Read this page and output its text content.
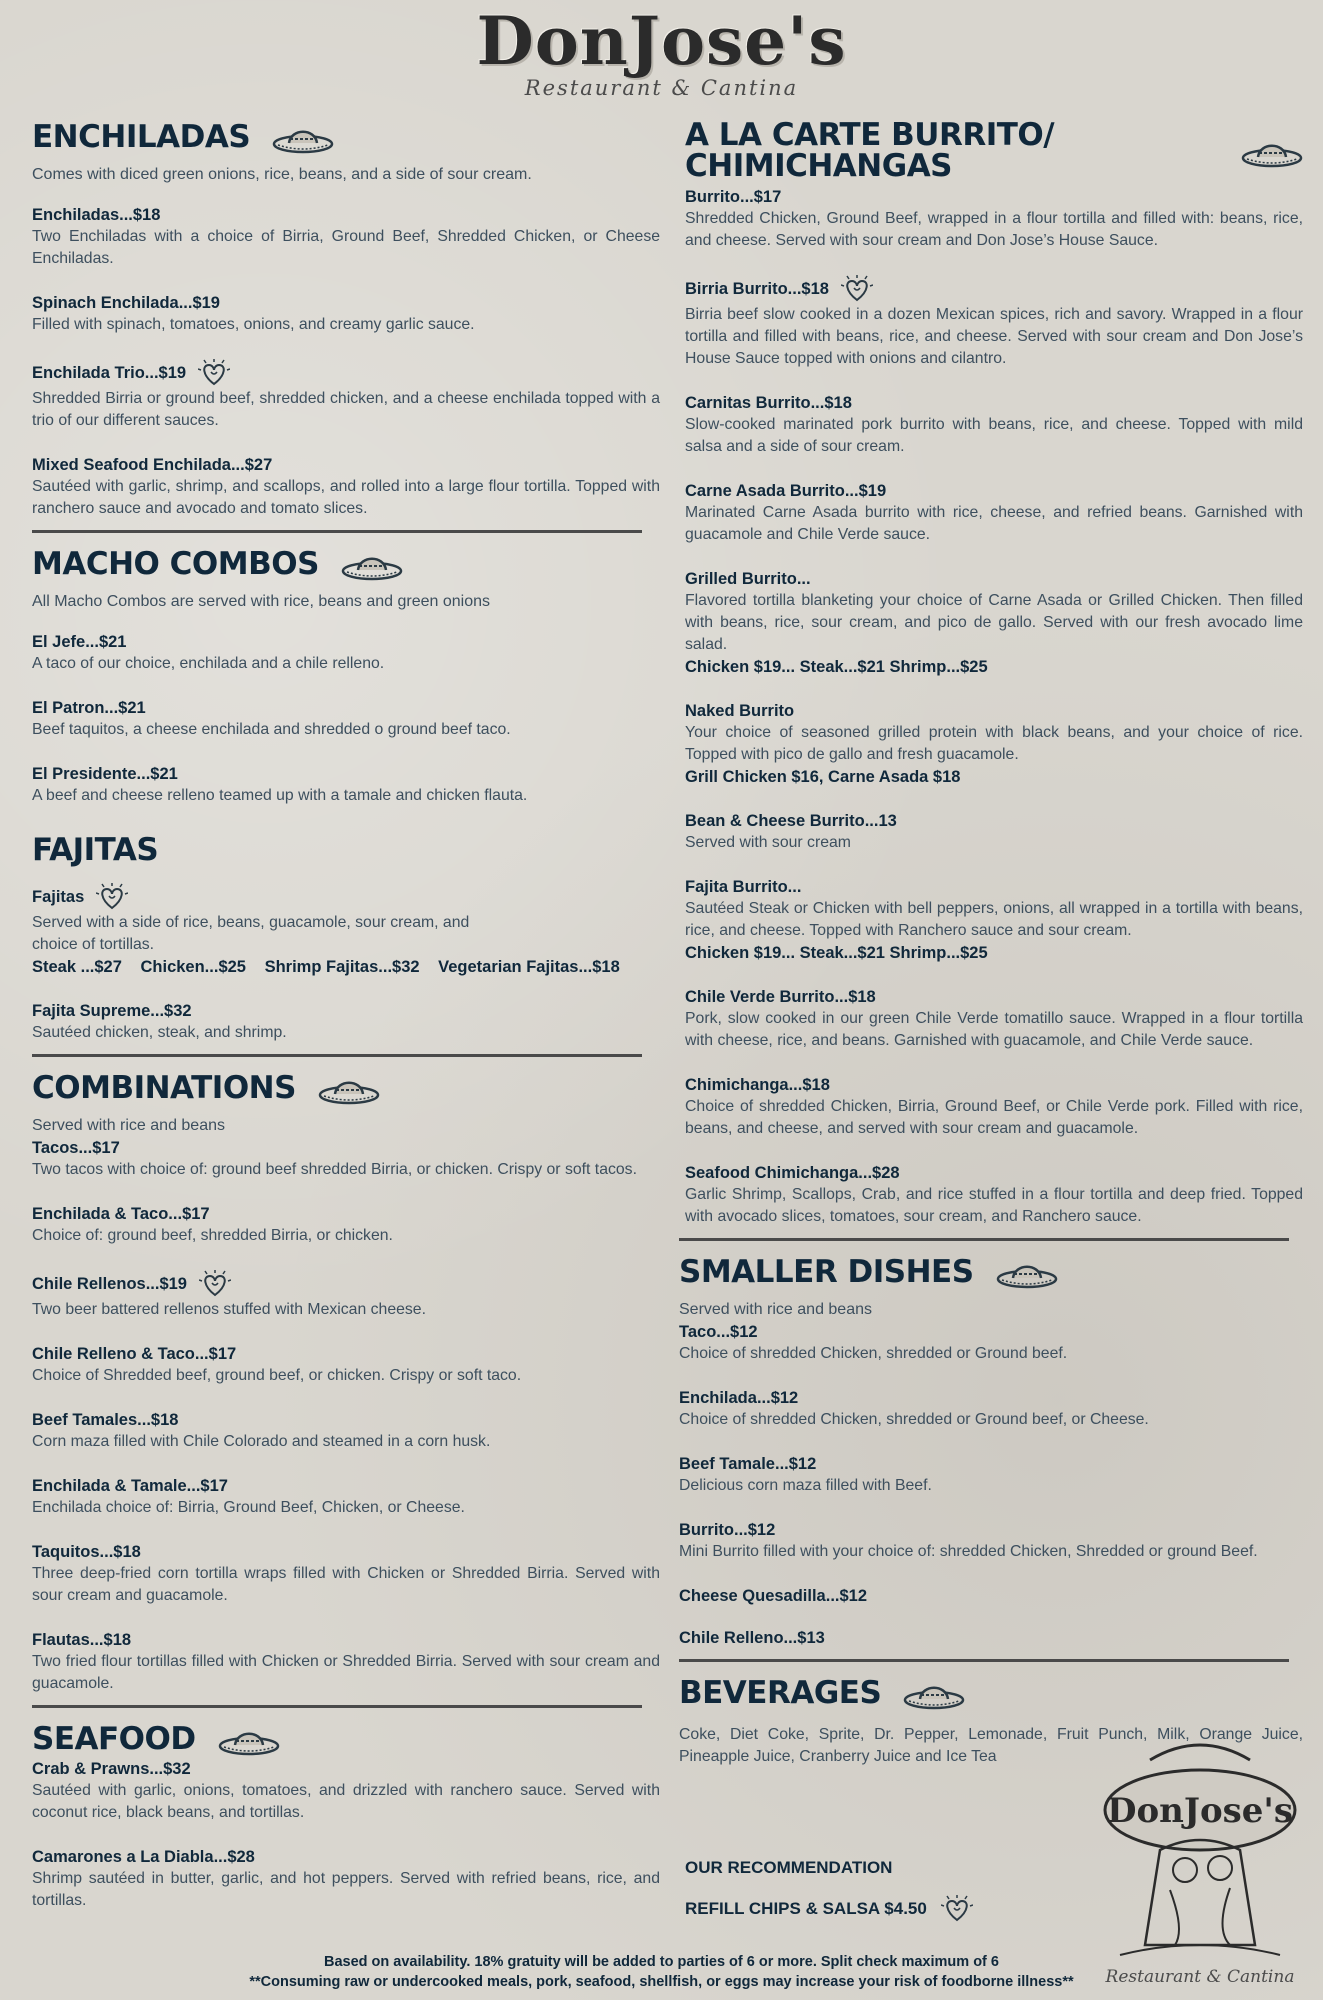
DonJose's
Restaurant & Cantina
ENCHILADAS
Comes with diced green onions, rice, beans, and a side of sour cream.
Enchiladas...$18
Two Enchiladas with a choice of Birria, Ground Beef, Shredded Chicken, or Cheese Enchiladas.
Spinach Enchilada...$19
Filled with spinach, tomatoes, onions, and creamy garlic sauce.
Enchilada Trio...$19
Shredded Birria or ground beef, shredded chicken, and a cheese enchilada topped with a trio of our different sauces.
Mixed Seafood Enchilada...$27
Sautéed with garlic, shrimp, and scallops, and rolled into a large flour tortilla. Topped with ranchero sauce and avocado and tomato slices.
MACHO COMBOS
All Macho Combos are served with rice, beans and green onions
El Jefe...$21
A taco of our choice, enchilada and a chile relleno.
El Patron...$21
Beef taquitos, a cheese enchilada and shredded o ground beef taco.
El Presidente...$21
A beef and cheese relleno teamed up with a tamale and chicken flauta.
FAJITAS
Fajitas
Served with a side of rice, beans, guacamole, sour cream, and choice of tortillas.
Steak ...$27 Chicken...$25 Shrimp Fajitas...$32 Vegetarian Fajitas...$18
Fajita Supreme...$32
Sautéed chicken, steak, and shrimp.
COMBINATIONS
Served with rice and beans
Tacos...$17
Two tacos with choice of: ground beef shredded Birria, or chicken. Crispy or soft tacos.
Enchilada & Taco...$17
Choice of: ground beef, shredded Birria, or chicken.
Chile Rellenos...$19
Two beer battered rellenos stuffed with Mexican cheese.
Chile Relleno & Taco...$17
Choice of Shredded beef, ground beef, or chicken. Crispy or soft taco.
Beef Tamales...$18
Corn maza filled with Chile Colorado and steamed in a corn husk.
Enchilada & Tamale...$17
Enchilada choice of: Birria, Ground Beef, Chicken, or Cheese.
Taquitos...$18
Three deep-fried corn tortilla wraps filled with Chicken or Shredded Birria. Served with sour cream and guacamole.
Flautas...$18
Two fried flour tortillas filled with Chicken or Shredded Birria. Served with sour cream and guacamole.
SEAFOOD
Crab & Prawns...$32
Sautéed with garlic, onions, tomatoes, and drizzled with ranchero sauce. Served with coconut rice, black beans, and tortillas.
Camarones a La Diabla...$28
Shrimp sautéed in butter, garlic, and hot peppers. Served with refried beans, rice, and tortillas.
A LA CARTE BURRITO/ CHIMICHANGAS
Burrito...$17
Shredded Chicken, Ground Beef, wrapped in a flour tortilla and filled with: beans, rice, and cheese. Served with sour cream and Don Jose’s House Sauce.
Birria Burrito...$18
Birria beef slow cooked in a dozen Mexican spices, rich and savory. Wrapped in a flour tortilla and filled with beans, rice, and cheese. Served with sour cream and Don Jose’s House Sauce topped with onions and cilantro.
Carnitas Burrito...$18
Slow-cooked marinated pork burrito with beans, rice, and cheese. Topped with mild salsa and a side of sour cream.
Carne Asada Burrito...$19
Marinated Carne Asada burrito with rice, cheese, and refried beans. Garnished with guacamole and Chile Verde sauce.
Grilled Burrito...
Flavored tortilla blanketing your choice of Carne Asada or Grilled Chicken. Then filled with beans, rice, sour cream, and pico de gallo. Served with our fresh avocado lime salad.
Chicken $19... Steak...$21 Shrimp...$25
Naked Burrito
Your choice of seasoned grilled protein with black beans, and your choice of rice. Topped with pico de gallo and fresh guacamole.
Grill Chicken $16, Carne Asada $18
Bean & Cheese Burrito...13
Served with sour cream
Fajita Burrito...
Sautéed Steak or Chicken with bell peppers, onions, all wrapped in a tortilla with beans, rice, and cheese. Topped with Ranchero sauce and sour cream.
Chicken $19... Steak...$21 Shrimp...$25
Chile Verde Burrito...$18
Pork, slow cooked in our green Chile Verde tomatillo sauce. Wrapped in a flour tortilla with cheese, rice, and beans. Garnished with guacamole, and Chile Verde sauce.
Chimichanga...$18
Choice of shredded Chicken, Birria, Ground Beef, or Chile Verde pork. Filled with rice, beans, and cheese, and served with sour cream and guacamole.
Seafood Chimichanga...$28
Garlic Shrimp, Scallops, Crab, and rice stuffed in a flour tortilla and deep fried. Topped with avocado slices, tomatoes, sour cream, and Ranchero sauce.
SMALLER DISHES
Served with rice and beans
Taco...$12
Choice of shredded Chicken, shredded or Ground beef.
Enchilada...$12
Choice of shredded Chicken, shredded or Ground beef, or Cheese.
Beef Tamale...$12
Delicious corn maza filled with Beef.
Burrito...$12
Mini Burrito filled with your choice of: shredded Chicken, Shredded or ground Beef.
Cheese Quesadilla...$12
Chile Relleno...$13
BEVERAGES
Coke, Diet Coke, Sprite, Dr. Pepper, Lemonade, Fruit Punch, Milk, Orange Juice, Pineapple Juice, Cranberry Juice and Ice Tea
OUR RECOMMENDATION
REFILL CHIPS & SALSA $4.50
DonJose's
Restaurant & Cantina
Based on availability. 18% gratuity will be added to parties of 6 or more. Split check maximum of 6
**Consuming raw or undercooked meals, pork, seafood, shellfish, or eggs may increase your risk of foodborne illness**
